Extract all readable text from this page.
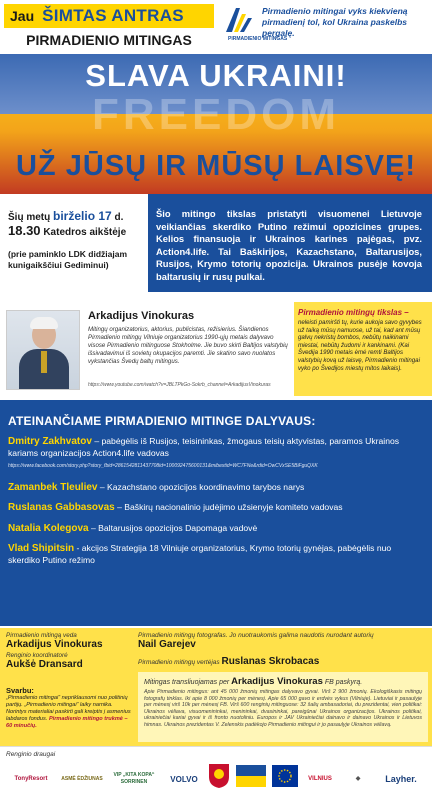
Jau ŠIMTAS ANTRAS
PIRMADIENIO MITINGAS	PIRMADIENIO MITINGAS
Pirmadienio mitingai vyks kiekvieną pirmadienį tol, kol Ukraina paskelbs pergalę.
FREEDOM
SLAVA UKRAINI!
UŽ JŪSŲ IR MŪSŲ LAISVĘ!
Šių metų birželio 17 d.
18.30 Katedros aikštėje
(prie paminklo LDK didžiajam kunigaikščiui Gediminui)
Šio mitingo tikslas pristatyti visuomenei Lietuvoje veikiančias skerdiko Putino režimui opozicines grupes. Kelios finansuoja ir Ukrainos karines pajėgas, pvz. Action4.life. Tai Baškirijos, Kazachstano, Baltarusijos, Rusijos, Krymo totorių opozicija. Ukrainos pusėje kovoja baltarusių ir rusų pulkai.
Arkadijus Vinokuras
Mitingų organizatorius, aktorius, publicistas, režisierius. Šiandienos Pirmadienio mitingų Vilniuje organizatorius 1990-ųjų metais dalyvavo visose Pirmadienio mitinguose Stokholme. Jie buvo skirti Baltijos valstybių išsivadavimui iš sovietų okupacijos paremti. Jie skatino savo nuolatos vykstančias Švedų baltų mitingus.
https://www.youtube.com/watch?v=JBLTPkGo-Sokrb_channel=ArkadijusVinokuras
Pirmadienio mitingų tikslas –
neleisti pamiršti tų, kurie aukoja savo gyvybes už taiką mūsų namuose, už tai, kad ant mūsų galvų nekristų bombos, nebūtų naikinami miestai, nebūtų žudomi ir kankinami. (Kai Švedija 1990 metais ėmė remti Baltijos valstybių kovą už laisvę, Pirmadienio mitingai vyko po Švedijos miestų mitos laikais).
ATEINANČIAME PIRMADIENIO MITINGE DALYVAUS:
Dmitry Zakhvatov – pabėgėlis iš Rusijos, teisininkas, žmogaus teisių aktyvistas, paramos Ukrainos kariams organizacijos Action4.life vadovas
https://www.facebook.com/story.php?story_fbid=2861542811437708id=100092475600131&mibextid=WC7FNe&rdid=OwCVxSE5BiFguQXK
Zamanbek Tleuliev – Kazachstano opozicijos koordinavimo tarybos narys
Ruslanas Gabbasovas – Baškirų nacionalinio judėjimo užsienyje komiteto vadovas
Natalia Kolegova – Baltarusijos opozicijos Dapomaga vadovė
Vlad Shipitsin - akcijos Strategija 18 Vilniuje organizatorius, Krymo totorių gynėjas, pabėgėlis nuo skerdiko Putino režimo
Pirmadienio mitingą veda
Arkadijus Vinokuras
Renginio koordinatorė
Aukšė Dransard
Svarbu:
„Pirmadienio mitingai“ nepriklausomi nuo politinių partijų. „Pirmadienio mitingai“ laiky narnika. Norintys materialiai paskirti gali kreiptis į asmenius labdaros fondus. Pirmadienio mitingo trukmė – 60 minučių.
Pirmadienio mitingų fotografas. Jo nuotraukomis galima naudotis nurodant autorių
Nail Garejev
Pirmadienio mitingų vertėjas Ruslanas Skrobacas
Mitingas transliuojamas per Arkadijus Vinokuras FB paskyrą.
Apie Pirmadienio mitingus: ant 45 000 žmonių mitingas dalyvavo gyvai. Virš 2 900 žmonių. Ekologiškasis mitingų fotografų tinklas. Iki apie 8 000 žmonių per mėnesį. Apie 65 000 gavo ir erdvės vykus (Vilniuje). Lietuviai ir pasaulyje per mėnesį virš 10k per mėnesį FB. Virš 600 renginių mitinguose: 32 šalių ambasadoriai, du prezidentai, vien politikai: Ukrainos vėliava, visuomenininkai, menininkai, dvasininkai, pareigūnai Ukrainos organizacijos. Ukrainos politikai, ukrainiečiai kariai gyvai ir iš fronto nuotoliniu. Europos ir JAV Ukrainiečiai dainavo ir dainavo Ukrainos ir Lietuvos himnas. Ukrainos prezidentas V. Zelenskis padėkojo Pirmadienio mitingui ir jo pasaulyje Ukrainos vėliavą.
Renginio draugai
TonyResort	ASMĖ ĖDŽIUNAS
VIP „KITA KOPA“ SORRINEN	VOLVO	VILNIUS	◆	Layher.
